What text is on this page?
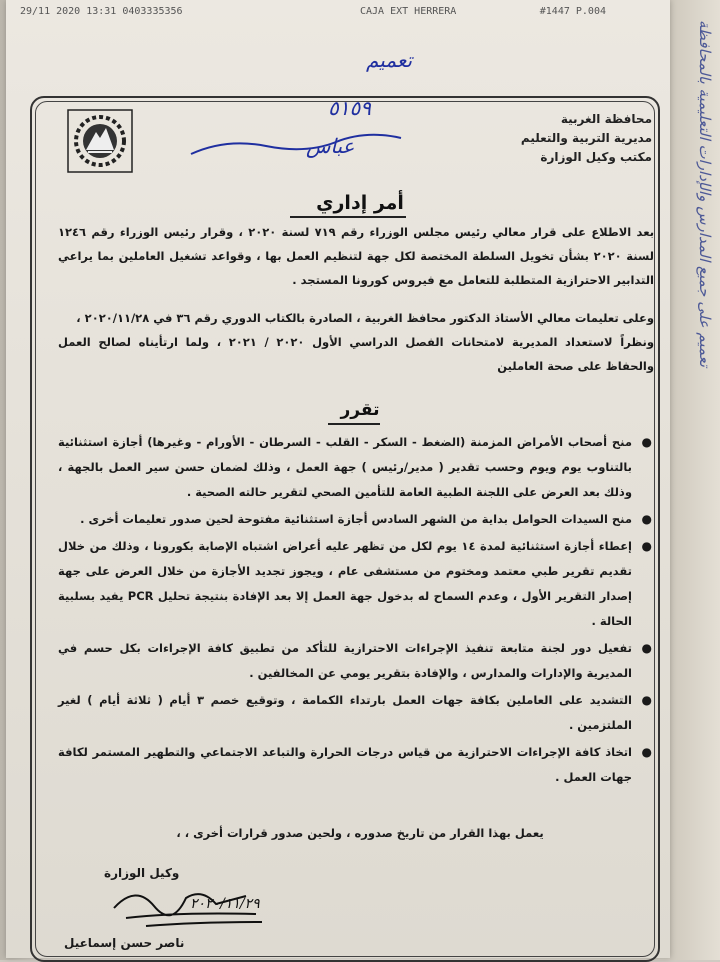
تعميم على جميع المدارس والإدارات التعليمية بالمحافظة
29/11 2020 13:31 0403335356	CAJA EXT HERRERA	#1447 P.004
تعميم
٥١٥٩
عباس
محافظة الغربية
مديرية التربية والتعليم
مكتب وكيل الوزارة
أمر إداري
بعد الاطلاع على قرار معالي رئيس مجلس الوزراء رقم ٧١٩ لسنة ٢٠٢٠ ، وقرار رئيس الوزراء رقم ١٢٤٦ لسنة ٢٠٢٠ بشأن تخويل السلطة المختصة لكل جهة لتنظيم العمل بها ، وقواعد تشغيل العاملين بما يراعي التدابير الاحترازية المتطلبة للتعامل مع فيروس كورونا المستجد .
وعلى تعليمات معالي الأستاذ الدكتور محافظ الغربية ، الصادرة بالكتاب الدوري رقم ٣٦ في ٢٠٢٠/١١/٢٨ ،
ونظراً لاستعداد المديرية لامتحانات الفصل الدراسي الأول ٢٠٢٠ / ٢٠٢١ ، ولما ارتأيناه لصالح العمل والحفاظ على صحة العاملين
تقرر
●
منح أصحاب الأمراض المزمنة (الضغط - السكر - القلب - السرطان - الأورام - وغيرها) أجازة استثنائية بالتناوب يوم ويوم وحسب تقدير ( مدير/رئيس ) جهة العمل ، وذلك لضمان حسن سير العمل بالجهة ، وذلك بعد العرض على اللجنة الطبية العامة للتأمين الصحي لتقرير حالته الصحية .
●
منح السيدات الحوامل بداية من الشهر السادس أجازة استثنائية مفتوحة لحين صدور تعليمات أخرى .
●
إعطاء أجازة استثنائية لمدة ١٤ يوم لكل من تظهر عليه أعراض اشتباه الإصابة بكورونا ، وذلك من خلال تقديم تقرير طبي معتمد ومختوم من مستشفى عام ، ويجوز تجديد الأجازة من خلال العرض على جهة إصدار التقرير الأول ، وعدم السماح له بدخول جهة العمل إلا بعد الإفادة بنتيجة تحليل PCR يفيد بسلبية الحالة .
●
تفعيل دور لجنة متابعة تنفيذ الإجراءات الاحترازية للتأكد من تطبيق كافة الإجراءات بكل حسم في المديرية والإدارات والمدارس ، والإفادة بتقرير يومي عن المخالفين .
●
التشديد على العاملين بكافة جهات العمل بارتداء الكمامة ، وتوقيع خصم ٣ أيام ( ثلاثة أيام ) لغير الملتزمين .
●
اتخاذ كافة الإجراءات الاحترازية من قياس درجات الحرارة والتباعد الاجتماعي والتطهير المستمر لكافة جهات العمل .
يعمل بهذا القرار من تاريخ صدوره ، ولحين صدور قرارات أخرى ، ،
وكيل الوزارة
٢٠٢٠/١١/٢٩
ناصر حسن إسماعيل
